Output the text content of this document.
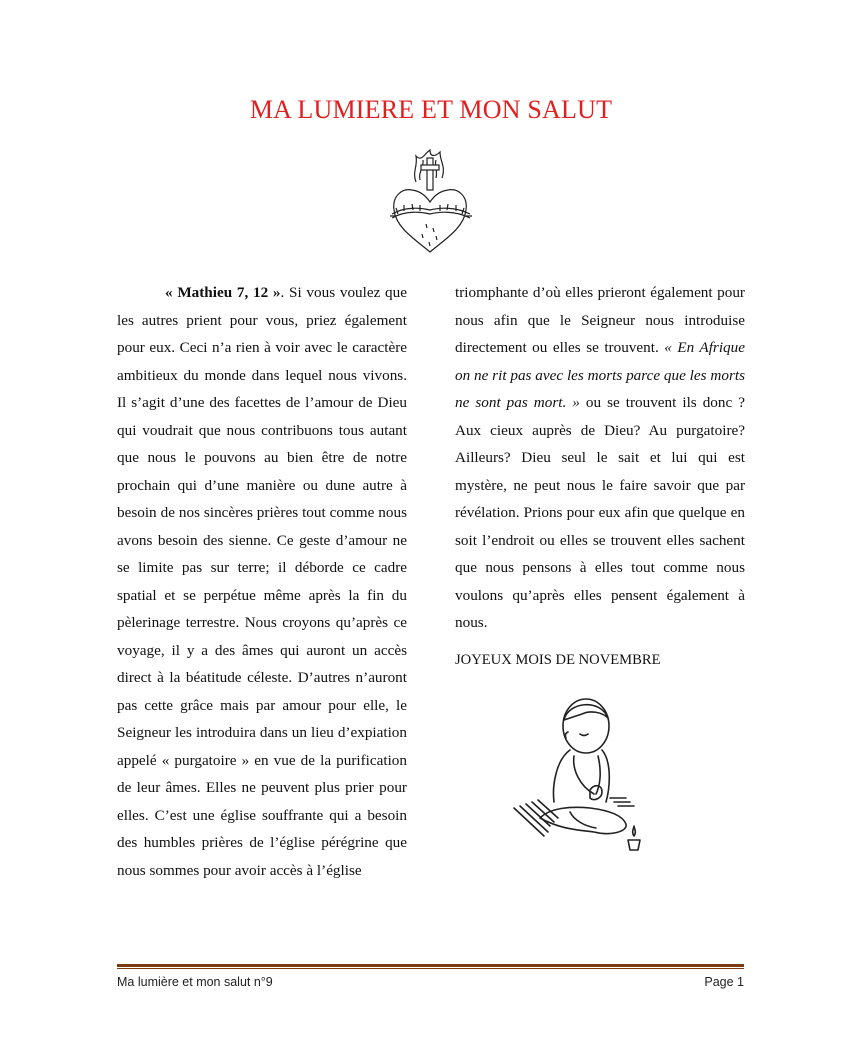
MA LUMIERE ET MON SALUT

« Mathieu 7, 12 ». Si vous voulez que les autres prient pour vous, priez également pour eux. Ceci n’a rien à voir avec le caractère ambitieux du monde dans lequel nous vivons. Il s’agit d’une des facettes de l’amour de Dieu qui voudrait que nous contribuons tous autant que nous le pouvons au bien être de notre prochain qui d’une manière ou dune autre à besoin de nos sincères prières tout comme nous avons besoin des sienne. Ce geste d’amour ne se limite pas sur terre; il déborde ce cadre spatial et se perpétue même après la fin du pèlerinage terrestre. Nous croyons qu’après ce voyage, il y a des âmes qui auront un accès direct à la béatitude céleste. D’autres n’auront pas cette grâce mais par amour pour elle, le Seigneur les introduira dans un lieu d’expiation appelé « purgatoire » en vue de la purification de leur âmes. Elles ne peuvent plus prier pour elles. C’est une église souffrante qui a besoin des humbles prières de l’église pérégrine que nous sommes pour avoir accès à l’église

triomphante d’où elles prieront également pour nous afin que le Seigneur nous introduise directement ou elles se trouvent. « En Afrique on ne rit pas avec les morts parce que les morts ne sont pas mort. » ou se trouvent ils donc ? Aux cieux auprès de Dieu? Au purgatoire? Ailleurs? Dieu seul le sait et lui qui est mystère, ne peut nous le faire savoir que par révélation. Prions pour eux afin que quelque en soit l’endroit ou elles se trouvent elles sachent que nous pensons à elles tout comme nous voulons qu’après elles pensent également à nous.

JOYEUX MOIS DE NOVEMBRE

Ma lumière et mon salut n°9	Page 1
